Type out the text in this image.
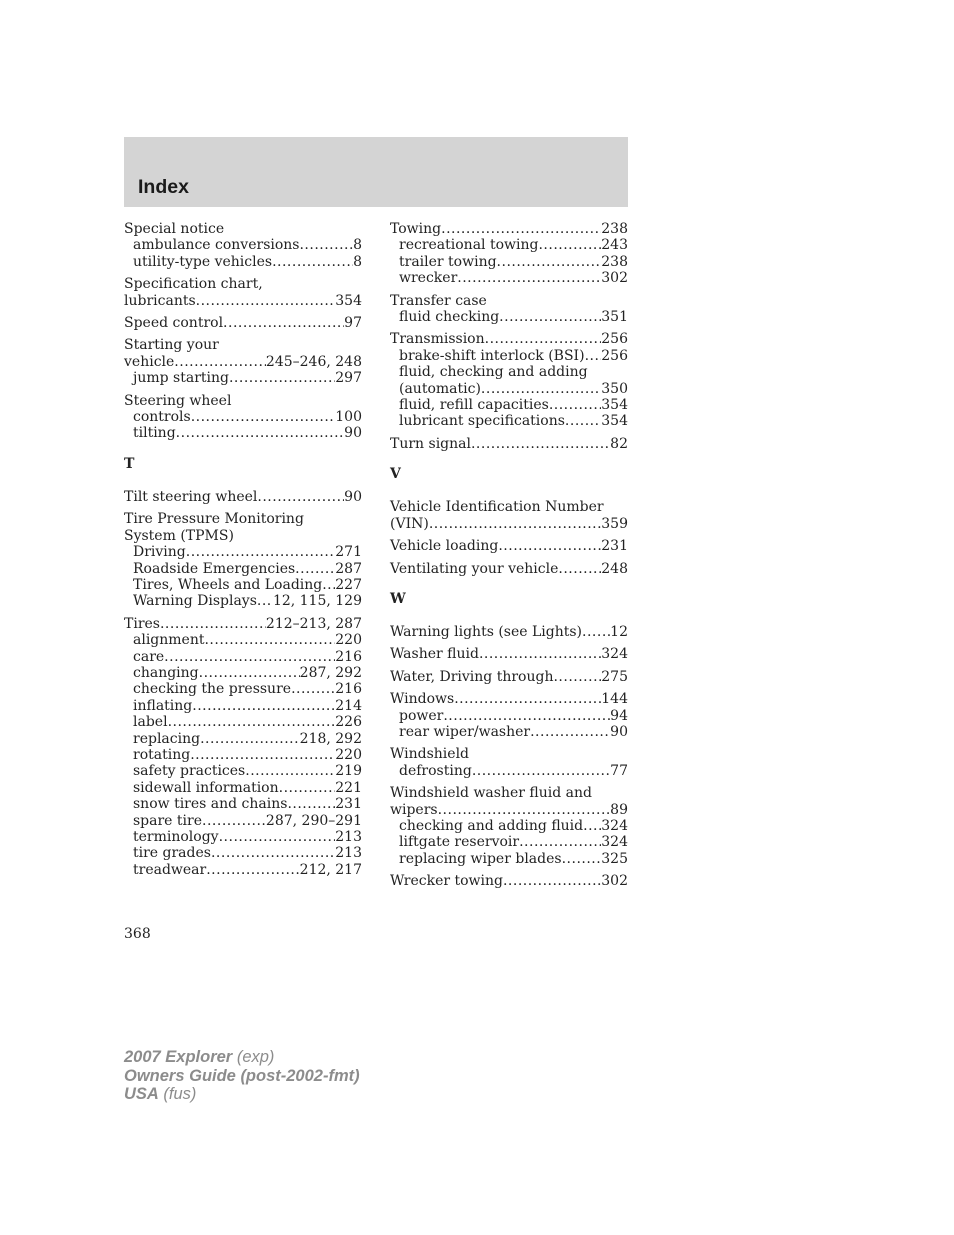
Index
Special notice
ambulance conversions .....	8
utility-type vehicles .....	8
Specification chart,
lubricants .....	354
Speed control .....	97
Starting your
vehicle .....	245–246, 248
jump starting .....	297
Steering wheel
controls .....	100
tilting .....	90
T
Tilt steering wheel .....	90
Tire Pressure Monitoring
System (TPMS)
Driving .....	271
Roadside Emergencies .....	287
Tires, Wheels and Loading ..... 227
Warning Displays ..... 12, 115, 129
Tires .....	212–213, 287
alignment .....	220
care .....	216
changing .....	287, 292
checking the pressure .....	216
inflating .....	214
label .....	226
replacing .....	218, 292
rotating .....	220
safety practices .....	219
sidewall information .....	221
snow tires and chains .....	231
spare tire .....	287, 290–291
terminology .....	213
tire grades .....	213
treadwear .....	212, 217
Towing .....	238
recreational towing .....	243
trailer towing .....	238
wrecker .....	302
Transfer case
fluid checking .....	351
Transmission .....	256
brake-shift interlock (BSI) ..... 256
fluid, checking and adding
(automatic) .....	350
fluid, refill capacities .....	354
lubricant specifications .....	354
Turn signal .....	82
V
Vehicle Identification Number
(VIN) .....	359
Vehicle loading .....	231
Ventilating your vehicle .....	248
W
Warning lights (see Lights) ..... 12
Washer fluid .....	324
Water, Driving through .....	275
Windows .....	144
power .....	94
rear wiper/washer .....	90
Windshield
defrosting .....	77
Windshield washer fluid and
wipers .....	89
checking and adding fluid ..... 324
liftgate reservoir .....	324
replacing wiper blades .....	325
Wrecker towing .....	302

368

2007 Explorer (exp)
Owners Guide (post-2002-fmt)
USA (fus)
